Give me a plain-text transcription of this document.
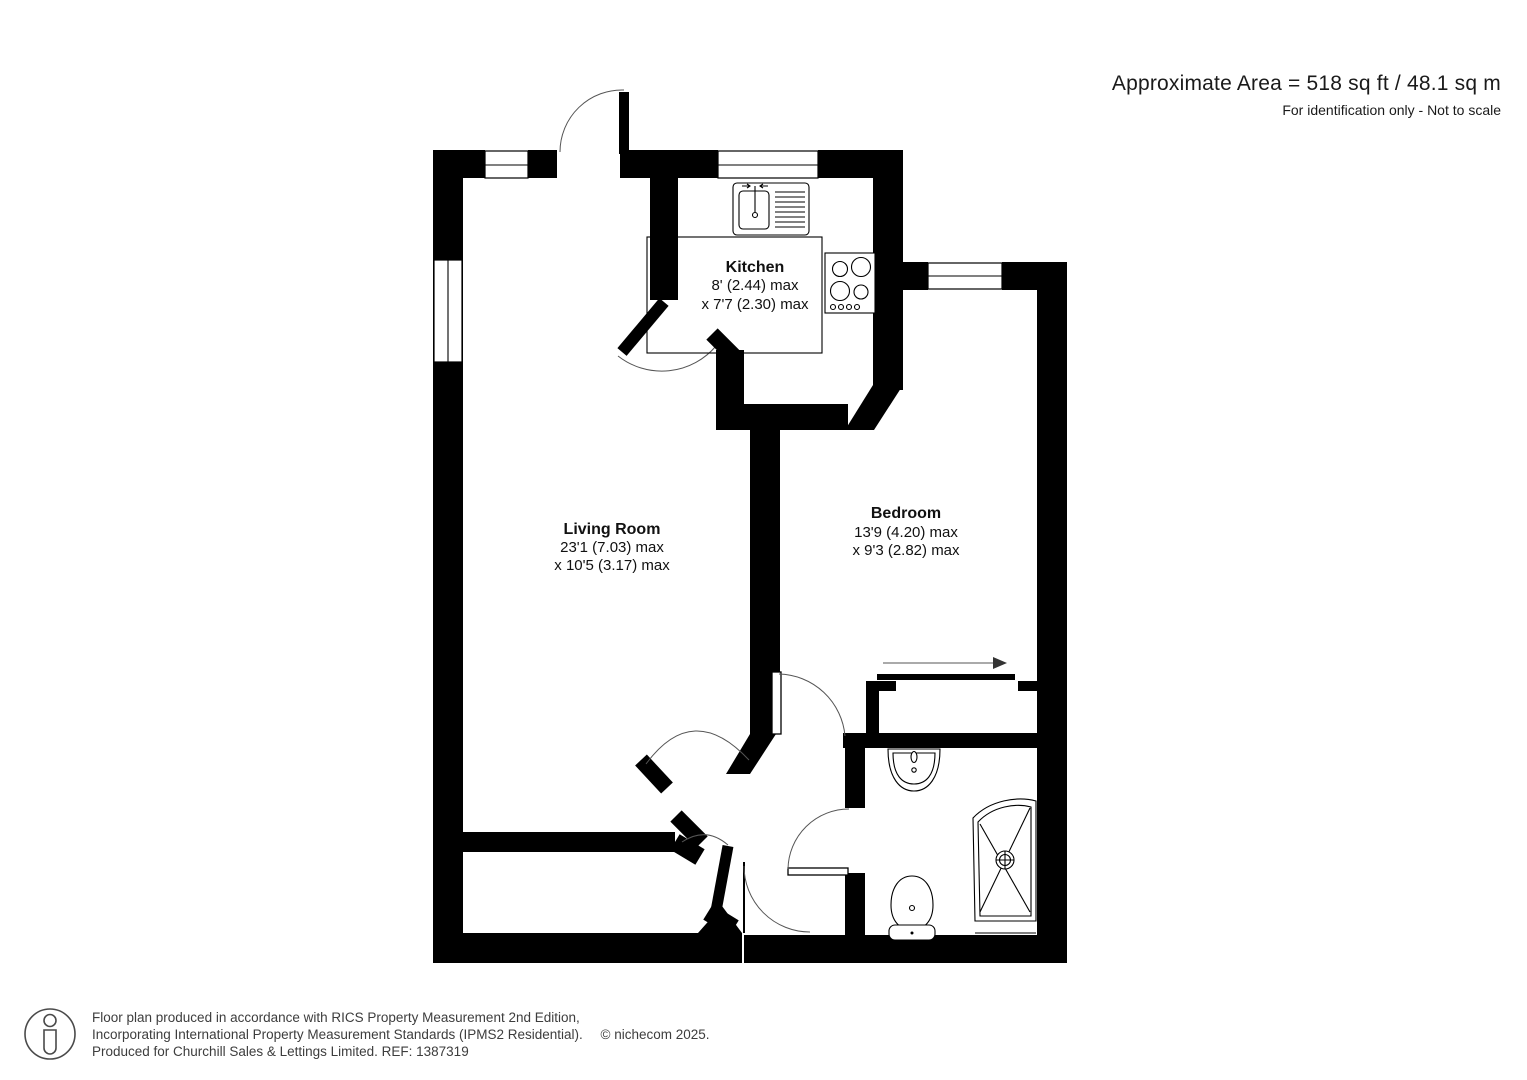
Approximate Area = 518 sq ft / 48.1 sq m
For identification only - Not to scale
Kitchen
8' (2.44) max
x 7'7 (2.30) max
Living Room
23'1 (7.03) max
x 10'5 (3.17) max
Bedroom
13'9 (4.20) max
x 9'3 (2.82) max
Floor plan produced in accordance with RICS Property Measurement 2nd Edition,
Incorporating International Property Measurement Standards (IPMS2 Residential). © nichecom 2025.
Produced for Churchill Sales & Lettings Limited. REF: 1387319
